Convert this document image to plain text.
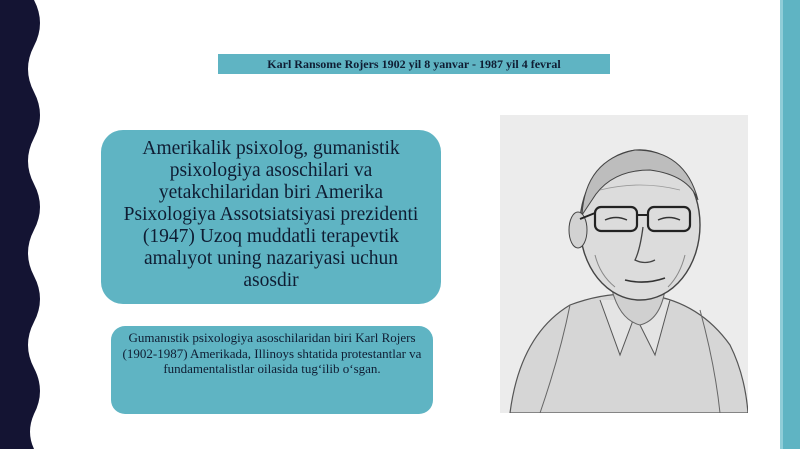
Karl Ransome Rojers 1902 yil 8 yanvar - 1987 yil 4 fevral
Amerikalik psixolog, gumanistik psixologiya asoschilari va yetakchilaridan biri Amerika Psixologiya Assotsiatsiyasi prezidenti (1947) Uzoq muddatli terapevtik amalıyot uning nazariyasi uchun asosdir
Gumanıstik psixologiya asoschilaridan biri Karl Rojers (1902-1987) Amerikada, Illinoys shtatida protestantlar va fundamentalistlar oilasida tug‘ilib o‘sgan.
